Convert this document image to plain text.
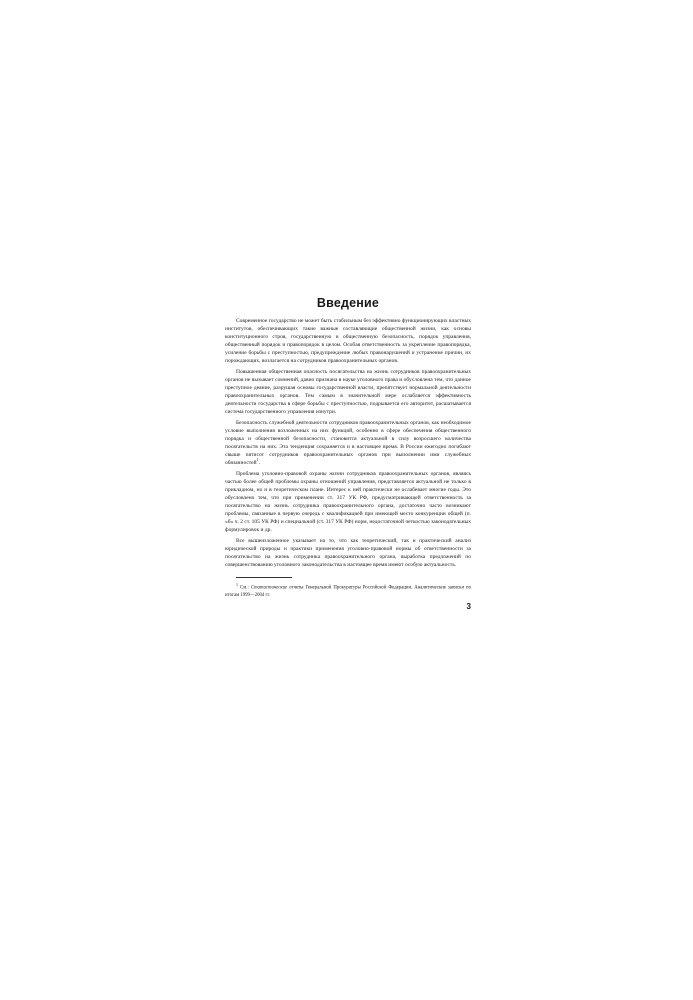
Введение

Современное государство не может быть стабильным без эффективно функционирующих властных институтов, обеспечивающих такие важные составляющие общественной жизни, как основы конституционного строя, государственную и общественную безопасность, порядок управления, общественный порядок и правопорядок в целом. Особая ответственность за укрепление правопорядка, усиление борьбы с преступностью, предупреждение любых правонарушений и устранение причин, их порождающих, возлагается на сотрудников правоохранительных органов.

Повышенная общественная опасность посягательства на жизнь сотрудников правоохранительных органов не вызывает сомнений, давно признана в науке уголовного права и обусловлена тем, что данное преступное деяние, разрушая основы государственной власти, препятствует нормальной деятельности правоохранительных органов. Тем самым в значительной мере ослабляется эффективность деятельности государства в сфере борьбы с преступностью, подрывается его авторитет, расшатывается система государственного управления изнутри.

Безопасность служебной деятельности сотрудников правоохранительных органов, как необходимое условие выполнения возложенных на них функций, особенно в сфере обеспечения общественного порядка и общественной безопасности, становится актуальной в силу возросшего количества посягательств на них. Эта тенденция сохраняется и в настоящее время. В России ежегодно погибают свыше пятисот сотрудников правоохранительных органов при выполнении ими служебных обязанностей$^1$.

Проблема уголовно-правовой охраны жизни сотрудников правоохранительных органов, являясь частью более общей проблемы охраны отношений управления, представляется актуальной не только в прикладном, но и в теоретическом плане. Интерес к ней практически не ослабевает многие годы. Это обусловлено тем, что при применении ст. 317 УК РФ, предусматривающей ответственность за посягательство на жизнь сотрудника правоохранительного органа, достаточно часто возникают проблемы, связанные в первую очередь с квалификацией при имеющей место конкуренции общей (п. «б» ч. 2 ст. 105 УК РФ) и специальной (ст. 317 УК РФ) норм, недостаточной четкостью законодательных формулировок и др.

Все вышеизложенное указывает на то, что как теоретический, так и практический анализ юридической природы и практики применения уголовно-правовой нормы об ответственности за посягательство на жизнь сотрудника правоохранительного органа, выработка предложений по совершенствованию уголовного законодательства в настоящее время имеют особую актуальность.

$^1$ См.: Статистические отчеты Генеральной Прокуратуры Российской Федерации. Аналитические записки по итогам 1999—2004 гг.

3
